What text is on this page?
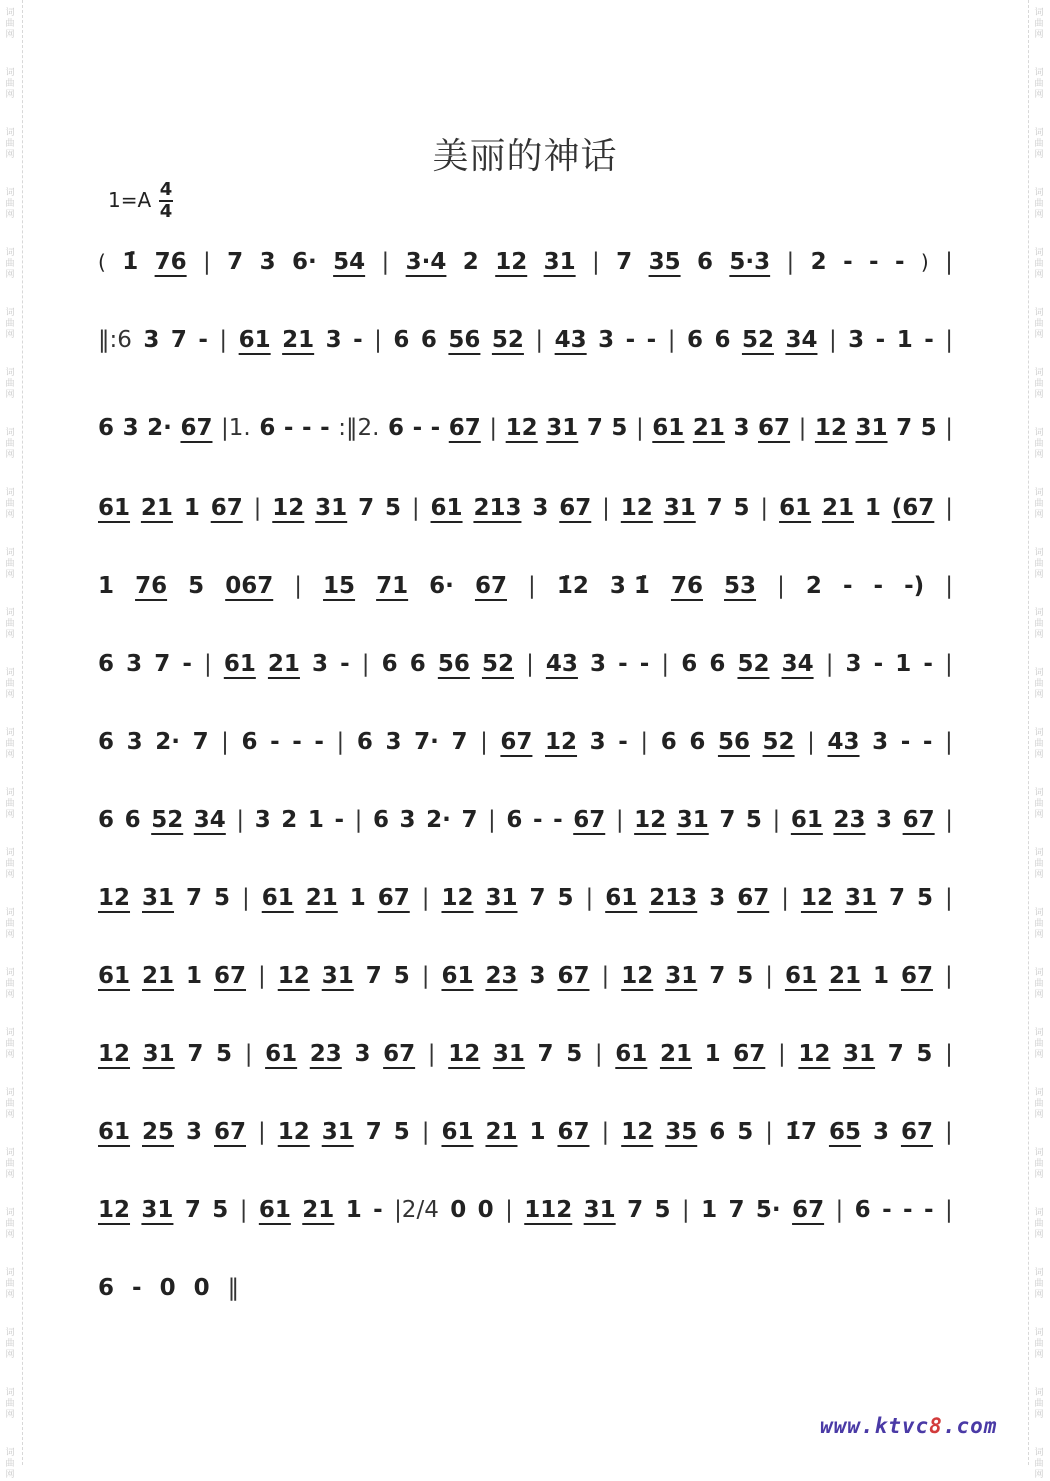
词
曲
网
词
曲
网
词
曲
网
词
曲
网
词
曲
网
词
曲
网
词
曲
网
词
曲
网
词
曲
网
词
曲
网
词
曲
网
词
曲
网
词
曲
网
词
曲
网
词
曲
网
词
曲
网
词
曲
网
词
曲
网
词
曲
网
词
曲
网
词
曲
网
词
曲
网
词
曲
网
词
曲
网
词
曲
网
词
曲
网
词
曲
网
词
曲
网
词
曲
网
词
曲
网
词
曲
网
词
曲
网
词
曲
网
词
曲
网
词
曲
网
词
曲
网
词
曲
网
词
曲
网
词
曲
网
词
曲
网
词
曲
网
词
曲
网
词
曲
网
词
曲
网
词
曲
网
词
曲
网
词
曲
网
词
曲
网
词
曲
网
词
曲
网
美丽的神话
1=A 4
4
( 1̇ 76 | 7 3 6· 54 | 3·4 2 12 31 | 7 35 6 5·3 | 2 - - - ) |
‖:6 3 7 - | 61 21 3 - | 6 6 56 52 | 43 3 - - | 6 6 52 34 | 3 - 1 - |
6 3 2· 67 |1. 6 - - - :‖2. 6 - - 67 | 12 31 7 5 | 61 21 3 67 | 12 31 7 5 |
61 21 1 67 | 12 31 7 5 | 61 213 3 67 | 12 31 7 5 | 61 21 1 (67 |
1 76 5 067 | 15 71 6· 67 | 1̇2 3 1̇ 76 53 | 2 - - -) |
6 3 7 - | 61 21 3 - | 6 6 56 52 | 43 3 - - | 6 6 52 34 | 3 - 1 - |
6 3 2· 7 | 6 - - - | 6 3 7· 7 | 67 12 3 - | 6 6 56 52 | 43 3 - - |
6 6 52 34 | 3 2 1 - | 6 3 2· 7 | 6 - - 67 | 12 31 7 5 | 61 23 3 67 |
12 31 7 5 | 61 21 1 67 | 12 31 7 5 | 61 213 3 67 | 12 31 7 5 |
61 21 1 67 | 12 31 7 5 | 61 23 3 67 | 12 31 7 5 | 61 21 1 67 |
12 31 7 5 | 61 23 3 67 | 12 31 7 5 | 61 21 1 67 | 12 31 7 5 |
61 25 3 67 | 12 31 7 5 | 61 21 1 67 | 12 35 6 5 | 1̇7 65 3 67 |
12 31 7 5 | 61 21 1 - |2/4 0 0 | 112 31 7 5 | 1 7 5· 67 | 6 - - - |
6 - 0 0 ‖
www.ktvc8.com
